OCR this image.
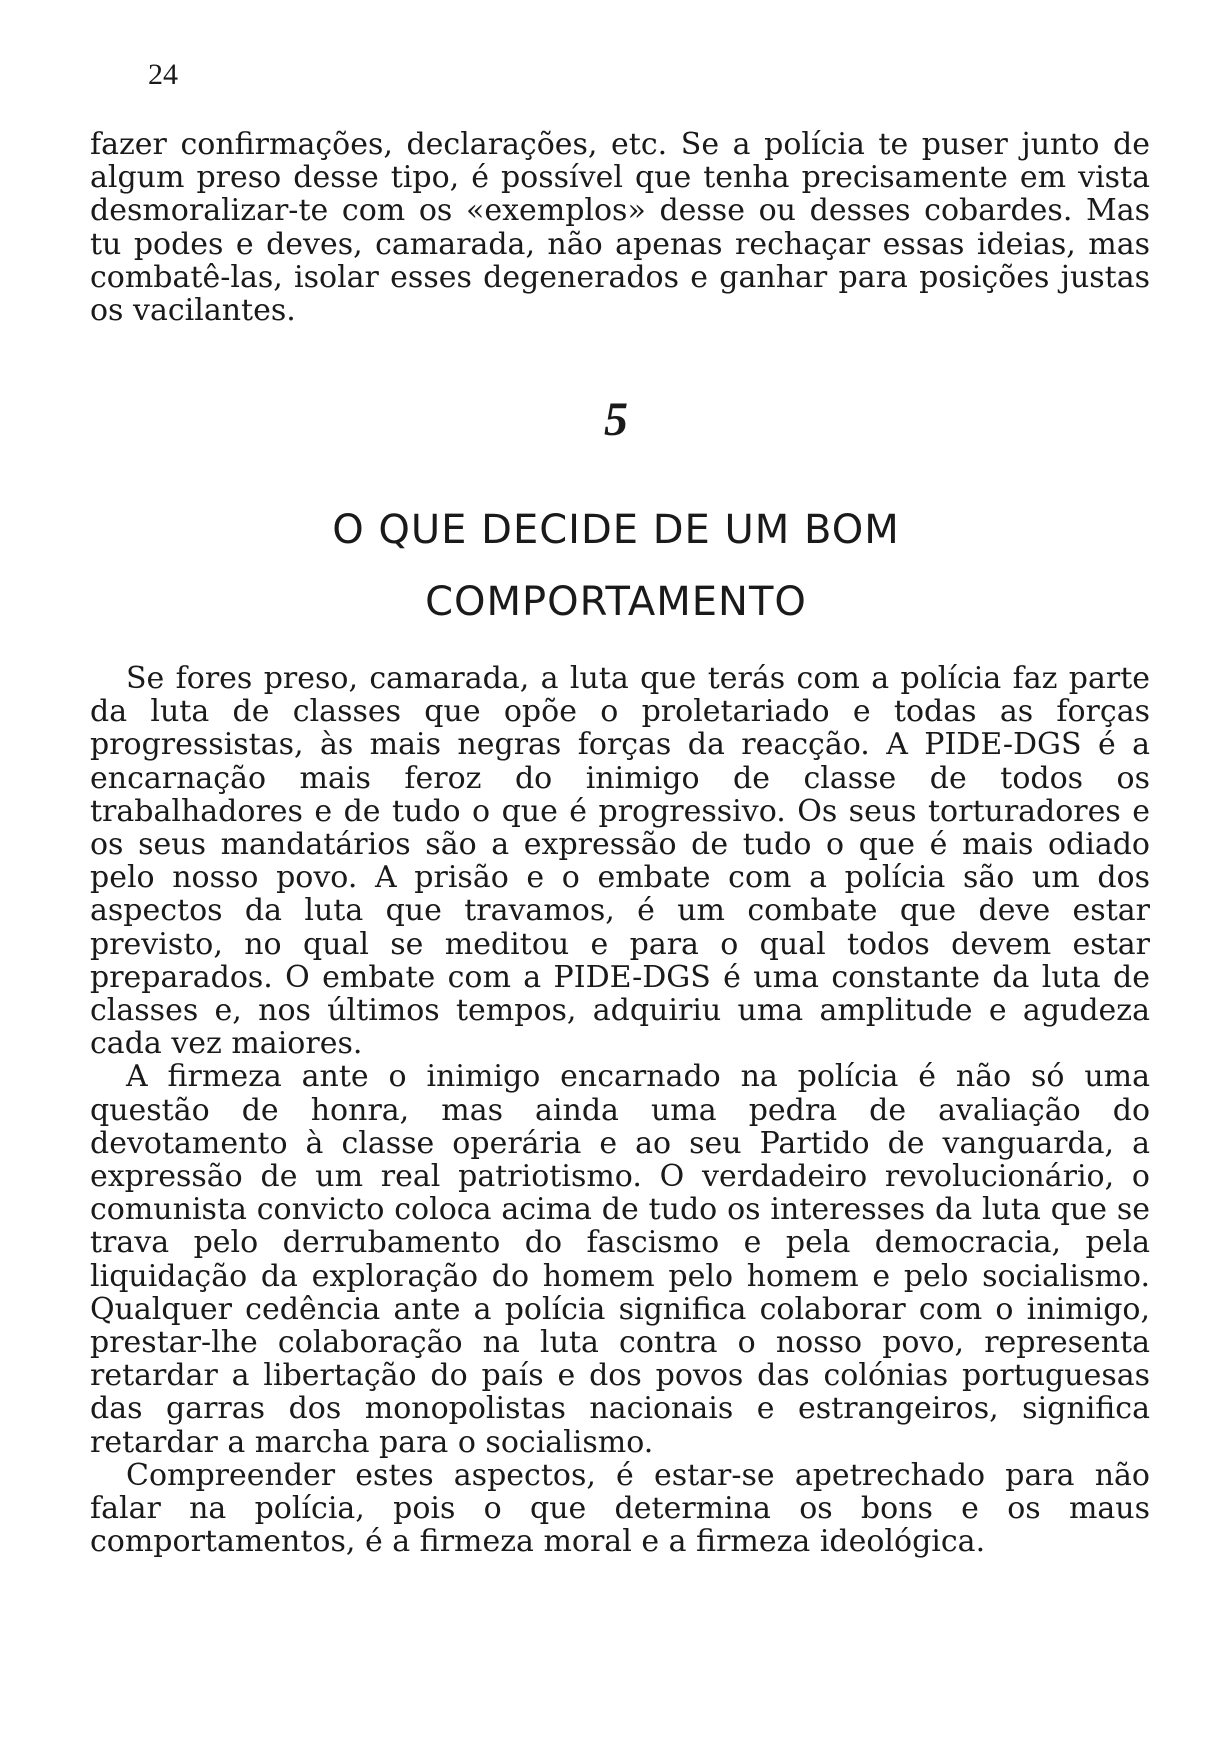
24

fazer confirmações, declarações, etc. Se a polícia te puser junto de algum preso desse tipo, é possível que tenha precisamente em vista desmoralizar-te com os «exemplos» desse ou desses cobardes. Mas tu podes e deves, camarada, não apenas rechaçar essas ideias, mas combatê-las, isolar esses degenerados e ganhar para posições justas os vacilantes.

5
O QUE DECIDE DE UM BOM
COMPORTAMENTO

Se fores preso, camarada, a luta que terás com a polícia faz parte da luta de classes que opõe o proletariado e todas as forças progressistas, às mais negras forças da reacção. A PIDE-DGS é a encarnação mais feroz do inimigo de classe de todos os trabalhadores e de tudo o que é progressivo. Os seus torturadores e os seus mandatários são a expressão de tudo o que é mais odiado pelo nosso povo. A prisão e o embate com a polícia são um dos aspectos da luta que travamos, é um combate que deve estar previsto, no qual se meditou e para o qual todos devem estar preparados. O embate com a PIDE-DGS é uma constante da luta de classes e, nos últimos tempos, adquiriu uma amplitude e agudeza cada vez maiores.

A firmeza ante o inimigo encarnado na polícia é não só uma questão de honra, mas ainda uma pedra de avaliação do devotamento à classe operária e ao seu Partido de vanguarda, a expressão de um real patriotismo. O verdadeiro revolucionário, o comunista convicto coloca acima de tudo os interesses da luta que se trava pelo derrubamento do fascismo e pela democracia, pela liquidação da exploração do homem pelo homem e pelo socialismo. Qualquer cedência ante a polícia significa colaborar com o inimigo, prestar-lhe colaboração na luta contra o nosso povo, representa retardar a libertação do país e dos povos das colónias portuguesas das garras dos monopolistas nacionais e estrangeiros, significa retardar a marcha para o socialismo.

Compreender estes aspectos, é estar-se apetrechado para não falar na polícia, pois o que determina os bons e os maus comportamentos, é a firmeza moral e a firmeza ideológica.
